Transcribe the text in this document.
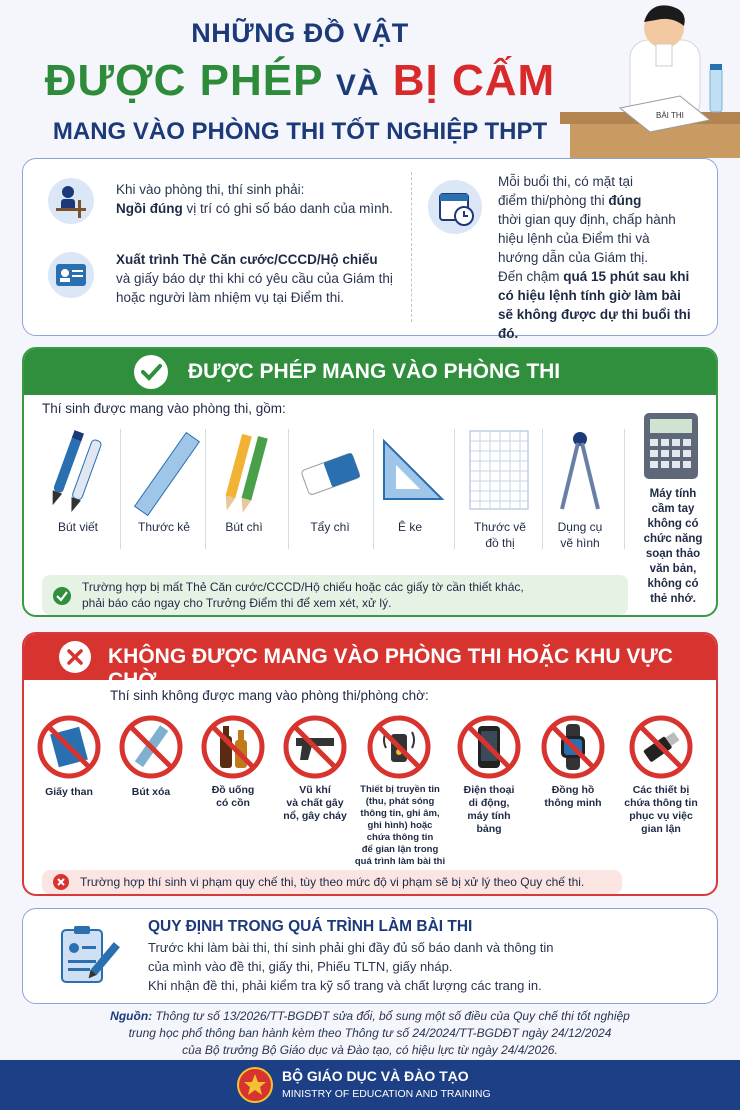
NHỮNG ĐỒ VẬT
ĐƯỢC PHÉP VÀ BỊ CẤM
MANG VÀO PHÒNG THI TỐT NGHIỆP THPT
BÀI THI
Khi vào phòng thi, thí sinh phải:
Ngồi đúng vị trí có ghi số báo danh của mình.
Xuất trình Thẻ Căn cước/CCCD/Hộ chiếu
và giấy báo dự thi khi có yêu cầu của Giám thị
hoặc người làm nhiệm vụ tại Điểm thi.
Mỗi buổi thi, có mặt tại
điểm thi/phòng thi đúng
thời gian quy định, chấp hành
hiệu lệnh của Điểm thi và
hướng dẫn của Giám thị.
Đến chậm quá 15 phút sau khi
có hiệu lệnh tính giờ làm bài
sẽ không được dự thi buổi thi đó.
ĐƯỢC PHÉP MANG VÀO PHÒNG THI
Thí sinh được mang vào phòng thi, gồm:
Bút viết	Thước kẻ	Bút chì	Tẩy chì	Ê ke	Thước vẽ
đồ thị
Dụng cụ
vẽ hình
Máy tính
cầm tay
không có
chức năng
soạn thảo
văn bản,
không có
thẻ nhớ.
Trường hợp bị mất Thẻ Căn cước/CCCD/Hộ chiếu hoặc các giấy tờ cần thiết khác,
phải báo cáo ngay cho Trưởng Điểm thi để xem xét, xử lý.
KHÔNG ĐƯỢC MANG VÀO PHÒNG THI HOẶC KHU VỰC CHỜ
Thí sinh không được mang vào phòng thi/phòng chờ:
Giấy than	Bút xóa	Đồ uống
có cồn
Vũ khí
và chất gây
nổ, gây cháy
Thiết bị truyền tin
(thu, phát sóng
thông tin, ghi âm,
ghi hình) hoặc
chứa thông tin
để gian lận trong
quá trình làm bài thi
Điện thoại
di động,
máy tính
bảng
Đồng hồ
thông minh
Các thiết bị
chứa thông tin
phục vụ việc
gian lận
Trường hợp thí sinh vi phạm quy chế thi, tùy theo mức độ vi phạm sẽ bị xử lý theo Quy chế thi.
QUY ĐỊNH TRONG QUÁ TRÌNH LÀM BÀI THI
Trước khi làm bài thi, thí sinh phải ghi đầy đủ số báo danh và thông tin
của mình vào đề thi, giấy thi, Phiếu TLTN, giấy nháp.
Khi nhận đề thi, phải kiểm tra kỹ số trang và chất lượng các trang in.
Nguồn: Thông tư số 13/2026/TT-BGDĐT sửa đổi, bổ sung một số điều của Quy chế thi tốt nghiệp
trung học phổ thông ban hành kèm theo Thông tư số 24/2024/TT-BGDĐT ngày 24/12/2024
của Bộ trưởng Bộ Giáo dục và Đào tạo, có hiệu lực từ ngày 24/4/2026.
BỘ GIÁO DỤC VÀ ĐÀO TẠO
MINISTRY OF EDUCATION AND TRAINING
